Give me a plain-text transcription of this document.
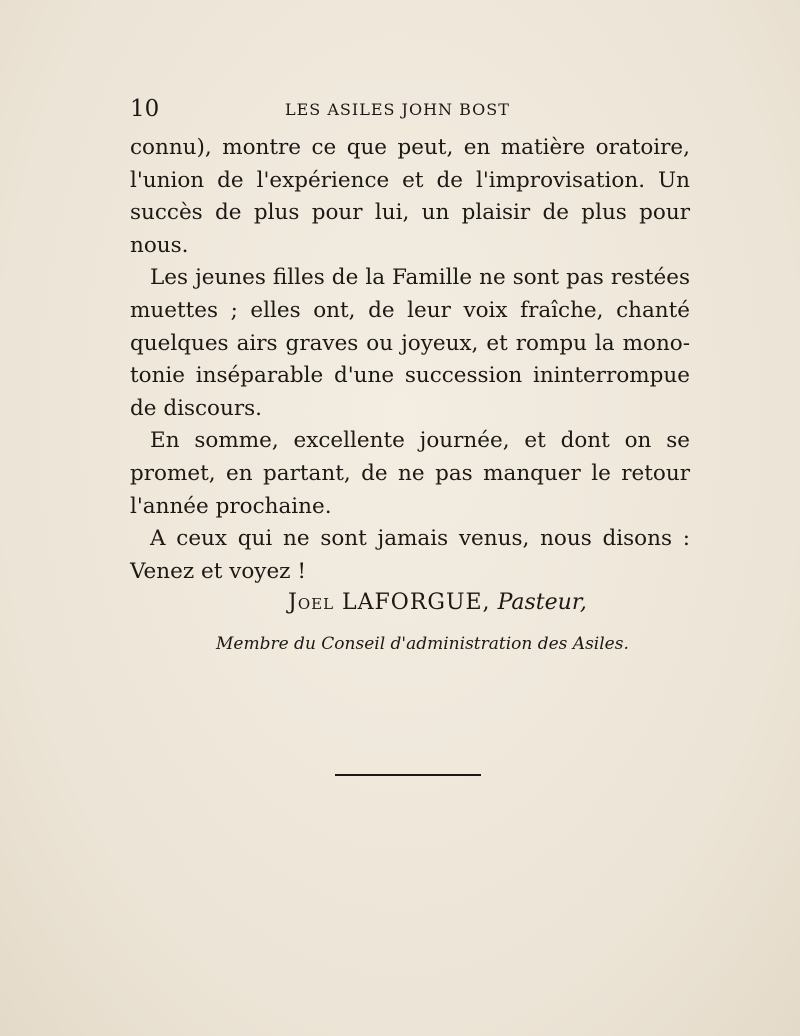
10	LES ASILES JOHN BOST
connu), montre ce que peut, en matière oratoire,
l'union de l'expérience et de l'improvisation. Un
succès de plus pour lui, un plaisir de plus pour
nous.
Les jeunes filles de la Famille ne sont pas restées
muettes ; elles ont, de leur voix fraîche, chanté
quelques airs graves ou joyeux, et rompu la mono-
tonie inséparable d'une succession ininterrompue
de discours.
En somme, excellente journée, et dont on se
promet, en partant, de ne pas manquer le retour
l'année prochaine.
A ceux qui ne sont jamais venus, nous disons :
Venez et voyez !
Joel LAFORGUE, Pasteur,
Membre du Conseil d'administration des Asiles.
